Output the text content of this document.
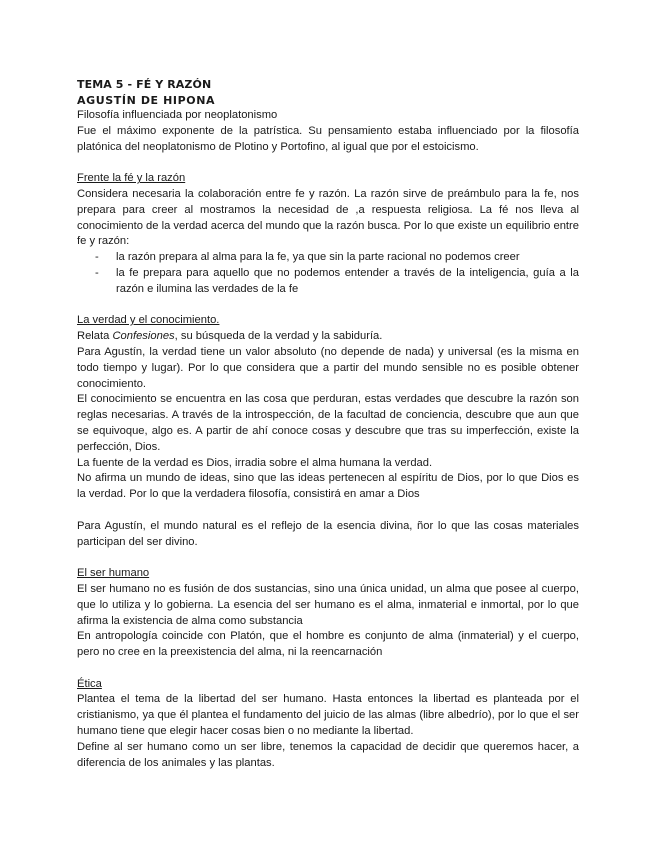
TEMA 5 - FÉ Y RAZÓN
AGUSTÍN DE HIPONA

Filosofía influenciada por neoplatonismo

Fue el máximo exponente de la patrística. Su pensamiento estaba influenciado por la filosofía platónica del neoplatonismo de Plotino y Portofino, al igual que por el estoicismo.

Frente la fé y la razón

Considera necesaria la colaboración entre fe y razón. La razón sirve de preámbulo para la fe, nos prepara para creer al mostramos la necesidad de ,a respuesta religiosa. La fé nos lleva al conocimiento de la verdad acerca del mundo que la razón busca. Por lo que existe un equilibrio entre fe y razón:

- la razón prepara al alma para la fe, ya que sin la parte racional no podemos creer
- la fe prepara para aquello que no podemos entender a través de la inteligencia, guía a la razón e ilumina las verdades de la fe

La verdad y el conocimiento.

Relata Confesiones, su búsqueda de la verdad y la sabiduría.

Para Agustín, la verdad tiene un valor absoluto (no depende de nada) y universal (es la misma en todo tiempo y lugar). Por lo que considera que a partir del mundo sensible no es posible obtener conocimiento.

El conocimiento se encuentra en las cosa que perduran, estas verdades que descubre la razón son reglas necesarias. A través de la introspección, de la facultad de conciencia, descubre que aun que se equivoque, algo es. A partir de ahí conoce cosas y descubre que tras su imperfección, existe la perfección, Dios.

La fuente de la verdad es Dios, irradia sobre el alma humana la verdad.

No afirma un mundo de ideas, sino que las ideas pertenecen al espíritu de Dios, por lo que Dios es la verdad. Por lo que la verdadera filosofía, consistirá en amar a Dios

Para Agustín, el mundo natural es el reflejo de la esencia divina, ñor lo que las cosas materiales participan del ser divino.

El ser humano

El ser humano no es fusión de dos sustancias, sino una única unidad, un alma que posee al cuerpo, que lo utiliza y lo gobierna. La esencia del ser humano es el alma, inmaterial e inmortal, por lo que afirma la existencia de alma como substancia

En antropología coincide con Platón, que el hombre es conjunto de alma (inmaterial) y el cuerpo, pero no cree en la preexistencia del alma, ni la reencarnación

Ética

Plantea el tema de la libertad del ser humano. Hasta entonces la libertad es planteada por el cristianismo, ya que él plantea el fundamento del juicio de las almas (libre albedrío), por lo que el ser humano tiene que elegir hacer cosas bien o no mediante la libertad.

Define al ser humano como un ser libre, tenemos la capacidad de decidir que queremos hacer, a diferencia de los animales y las plantas.
